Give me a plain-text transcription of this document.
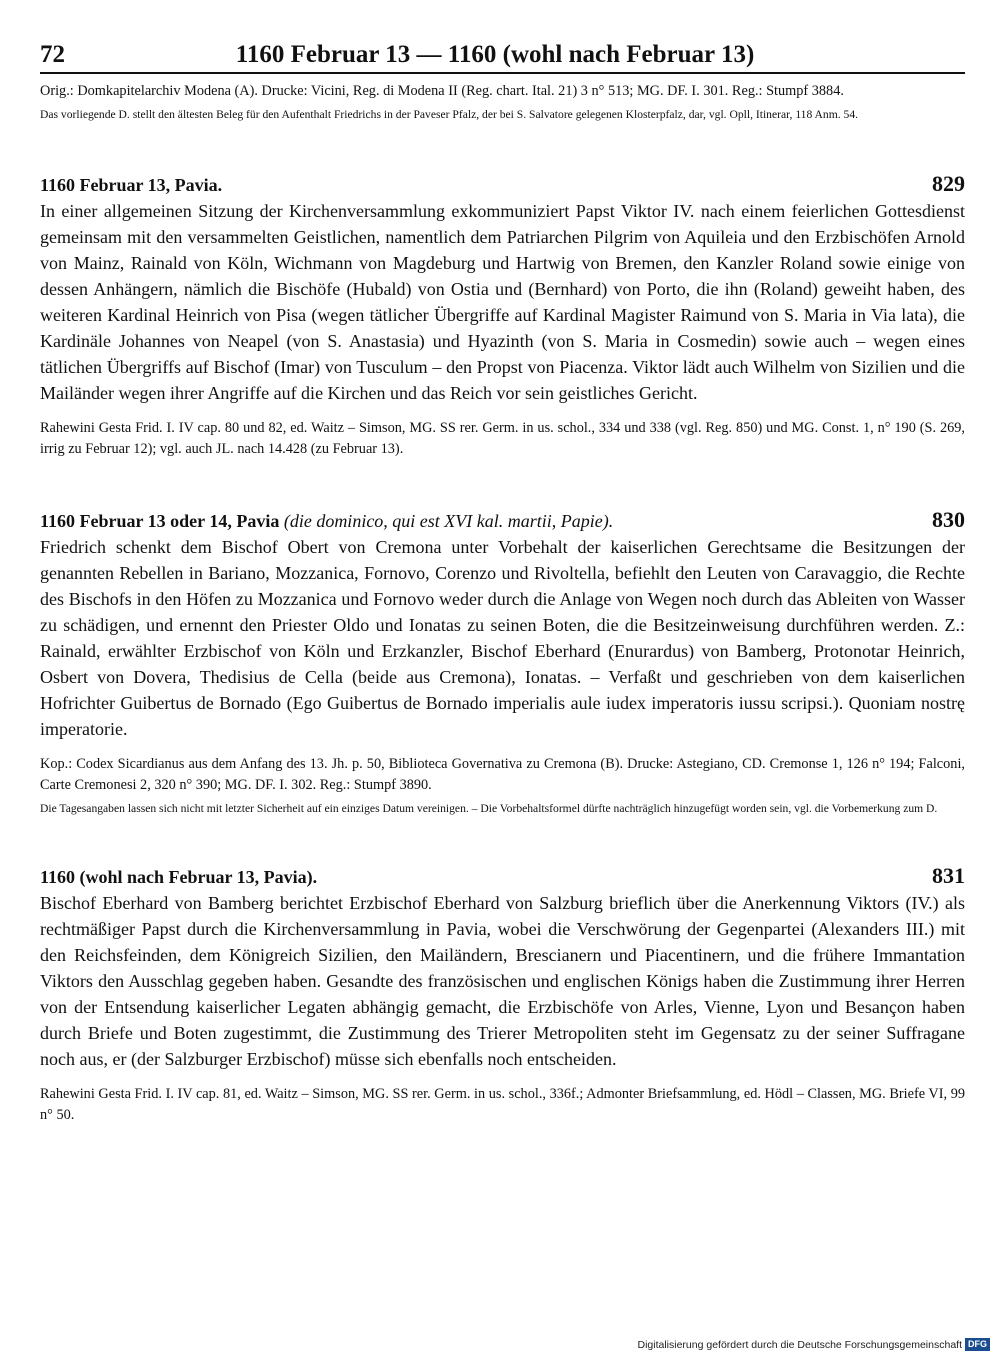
72	1160 Februar 13 — 1160 (wohl nach Februar 13)
Orig.: Domkapitelarchiv Modena (A). Drucke: Vicini, Reg. di Modena II (Reg. chart. Ital. 21) 3 n° 513; MG. DF. I. 301. Reg.: Stumpf 3884.
Das vorliegende D. stellt den ältesten Beleg für den Aufenthalt Friedrichs in der Paveser Pfalz, der bei S. Salvatore gelegenen Klosterpfalz, dar, vgl. Opll, Itinerar, 118 Anm. 54.
1160 Februar 13, Pavia.	829
In einer allgemeinen Sitzung der Kirchenversammlung exkommuniziert Papst Viktor IV. nach einem feierlichen Gottesdienst gemeinsam mit den versammelten Geistlichen, namentlich dem Patriarchen Pilgrim von Aquileia und den Erzbischöfen Arnold von Mainz, Rainald von Köln, Wichmann von Magdeburg und Hartwig von Bremen, den Kanzler Roland sowie einige von dessen Anhängern, nämlich die Bischöfe (Hubald) von Ostia und (Bernhard) von Porto, die ihn (Roland) geweiht haben, des weiteren Kardinal Heinrich von Pisa (wegen tätlicher Übergriffe auf Kardinal Magister Raimund von S. Maria in Via lata), die Kardinäle Johannes von Neapel (von S. Anastasia) und Hyazinth (von S. Maria in Cosmedin) sowie auch – wegen eines tätlichen Übergriffs auf Bischof (Imar) von Tusculum – den Propst von Piacenza. Viktor lädt auch Wilhelm von Sizilien und die Mailänder wegen ihrer Angriffe auf die Kirchen und das Reich vor sein geistliches Gericht.
Rahewini Gesta Frid. I. IV cap. 80 und 82, ed. Waitz – Simson, MG. SS rer. Germ. in us. schol., 334 und 338 (vgl. Reg. 850) und MG. Const. 1, n° 190 (S. 269, irrig zu Februar 12); vgl. auch JL. nach 14.428 (zu Februar 13).
1160 Februar 13 oder 14, Pavia (die dominico, qui est XVI kal. martii, Papie).	830
Friedrich schenkt dem Bischof Obert von Cremona unter Vorbehalt der kaiserlichen Gerechtsame die Besitzungen der genannten Rebellen in Bariano, Mozzanica, Fornovo, Corenzo und Rivoltella, befiehlt den Leuten von Caravaggio, die Rechte des Bischofs in den Höfen zu Mozzanica und Fornovo weder durch die Anlage von Wegen noch durch das Ableiten von Wasser zu schädigen, und ernennt den Priester Oldo und Ionatas zu seinen Boten, die die Besitzeinweisung durchführen werden. Z.: Rainald, erwählter Erzbischof von Köln und Erzkanzler, Bischof Eberhard (Enurardus) von Bamberg, Protonotar Heinrich, Osbert von Dovera, Thedisius de Cella (beide aus Cremona), Ionatas. – Verfaßt und geschrieben von dem kaiserlichen Hofrichter Guibertus de Bornado (Ego Guibertus de Bornado imperialis aule iudex imperatoris iussu scripsi.). Quoniam nostrę imperatorie.
Kop.: Codex Sicardianus aus dem Anfang des 13. Jh. p. 50, Biblioteca Governativa zu Cremona (B). Drucke: Astegiano, CD. Cremonse 1, 126 n° 194; Falconi, Carte Cremonesi 2, 320 n° 390; MG. DF. I. 302. Reg.: Stumpf 3890.
Die Tagesangaben lassen sich nicht mit letzter Sicherheit auf ein einziges Datum vereinigen. – Die Vorbehaltsformel dürfte nachträglich hinzugefügt worden sein, vgl. die Vorbemerkung zum D.
1160 (wohl nach Februar 13, Pavia).	831
Bischof Eberhard von Bamberg berichtet Erzbischof Eberhard von Salzburg brieflich über die Anerkennung Viktors (IV.) als rechtmäßiger Papst durch die Kirchenversammlung in Pavia, wobei die Verschwörung der Gegenpartei (Alexanders III.) mit den Reichsfeinden, dem Königreich Sizilien, den Mailändern, Brescianern und Piacentinern, und die frühere Immantation Viktors den Ausschlag gegeben haben. Gesandte des französischen und englischen Königs haben die Zustimmung ihrer Herren von der Entsendung kaiserlicher Legaten abhängig gemacht, die Erzbischöfe von Arles, Vienne, Lyon und Besançon haben durch Briefe und Boten zugestimmt, die Zustimmung des Trierer Metropoliten steht im Gegensatz zu der seiner Suffragane noch aus, er (der Salzburger Erzbischof) müsse sich ebenfalls noch entscheiden.
Rahewini Gesta Frid. I. IV cap. 81, ed. Waitz – Simson, MG. SS rer. Germ. in us. schol., 336f.; Admonter Briefsammlung, ed. Hödl – Classen, MG. Briefe VI, 99 n° 50.
Digitalisierung gefördert durch die Deutsche Forschungsgemeinschaft DFG
